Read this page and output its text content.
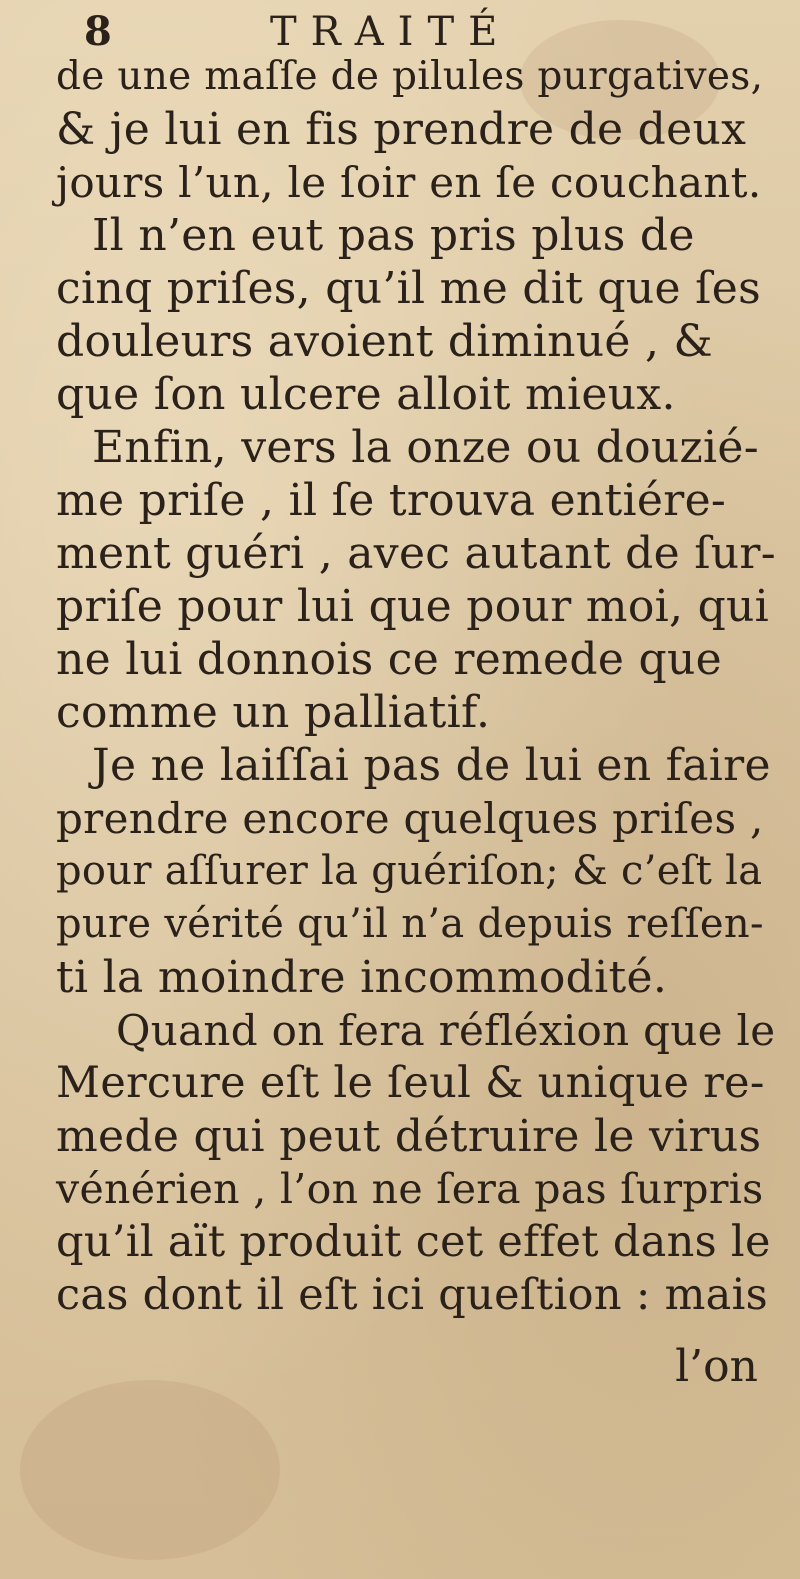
8	TRAITÉ
de une maſſe de pilules purgatives,
& je lui en fis prendre de deux
jours l’un, le ſoir en ſe couchant.
Il n’en eut pas pris plus de
cinq priſes, qu’il me dit que ſes
douleurs avoient diminué , &
que ſon ulcere alloit mieux.
Enfin, vers la onze ou douzié-
me priſe , il ſe trouva entiére-
ment guéri , avec autant de ſur-
priſe pour lui que pour moi, qui
ne lui donnois ce remede que
comme un palliatif.
Je ne laiſſai pas de lui en faire
prendre encore quelques priſes ,
pour aſſurer la guériſon; & c’eſt la
pure vérité qu’il n’a depuis reſſen-
ti la moindre incommodité.
Quand on fera réfléxion que le
Mercure eſt le ſeul & unique re-
mede qui peut détruire le virus
vénérien , l’on ne ſera pas ſurpris
qu’il aït produit cet effet dans le
cas dont il eſt ici queſtion : mais
l’on
